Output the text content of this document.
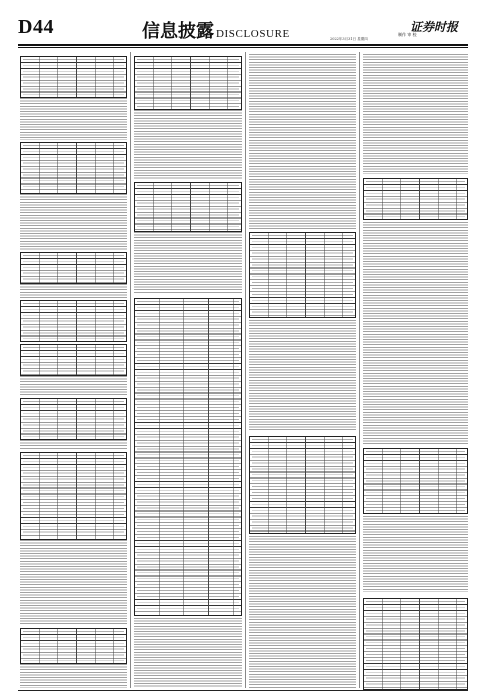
D44	信息披露 DISCLOSURE	证券时报
制作 审 校
2022年3月31日 星期四
